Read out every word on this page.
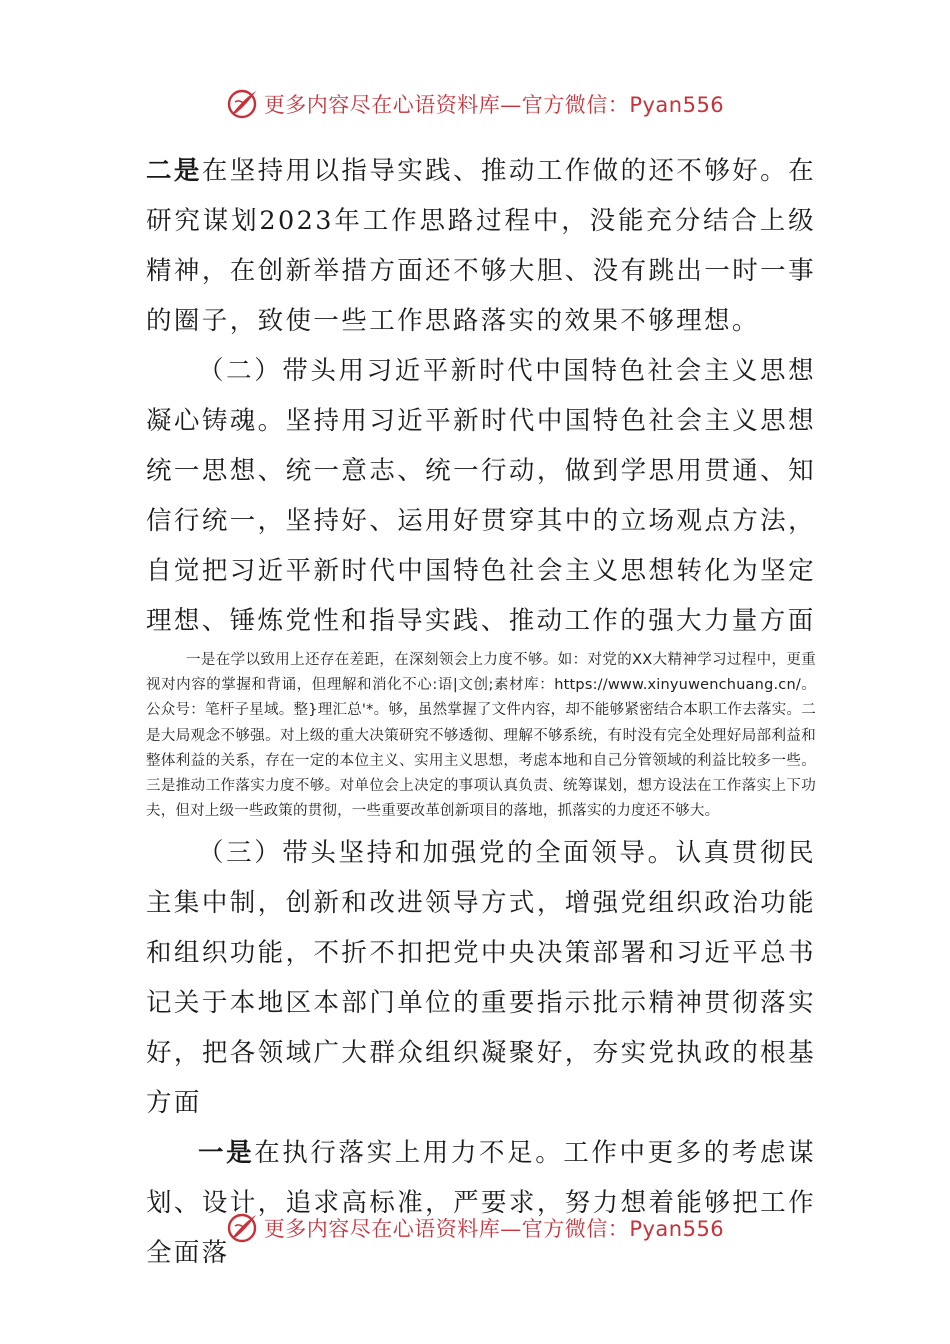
更多内容尽在心语资料库—官方微信：Pyan556

二是在坚持用以指导实践、推动工作做的还不够好。在研究谋划2023年工作思路过程中，没能充分结合上级精神，在创新举措方面还不够大胆、没有跳出一时一事的圈子，致使一些工作思路落实的效果不够理想。

（二）带头用习近平新时代中国特色社会主义思想凝心铸魂。坚持用习近平新时代中国特色社会主义思想统一思想、统一意志、统一行动，做到学思用贯通、知信行统一，坚持好、运用好贯穿其中的立场观点方法，自觉把习近平新时代中国特色社会主义思想转化为坚定理想、锤炼党性和指导实践、推动工作的强大力量方面

一是在学以致用上还存在差距，在深刻领会上力度不够。如：对党的XX大精神学习过程中，更重视对内容的掌握和背诵，但理解和消化不心:语|文创;素材库：https://www.xinyuwenchuang.cn/。公众号：笔杆子星域。整}理汇总'*。够，虽然掌握了文件内容，却不能够紧密结合本职工作去落实。二是大局观念不够强。对上级的重大决策研究不够透彻、理解不够系统，有时没有完全处理好局部利益和整体利益的关系，存在一定的本位主义、实用主义思想，考虑本地和自己分管领域的利益比较多一些。三是推动工作落实力度不够。对单位会上决定的事项认真负责、统筹谋划，想方设法在工作落实上下功夫，但对上级一些政策的贯彻，一些重要改革创新项目的落地，抓落实的力度还不够大。

（三）带头坚持和加强党的全面领导。认真贯彻民主集中制，创新和改进领导方式，增强党组织政治功能和组织功能，不折不扣把党中央决策部署和习近平总书记关于本地区本部门单位的重要指示批示精神贯彻落实好，把各领域广大群众组织凝聚好，夯实党执政的根基方面

一是在执行落实上用力不足。工作中更多的考虑谋划、设计，追求高标准，严要求，努力想着能够把工作全面落

更多内容尽在心语资料库—官方微信：Pyan556
